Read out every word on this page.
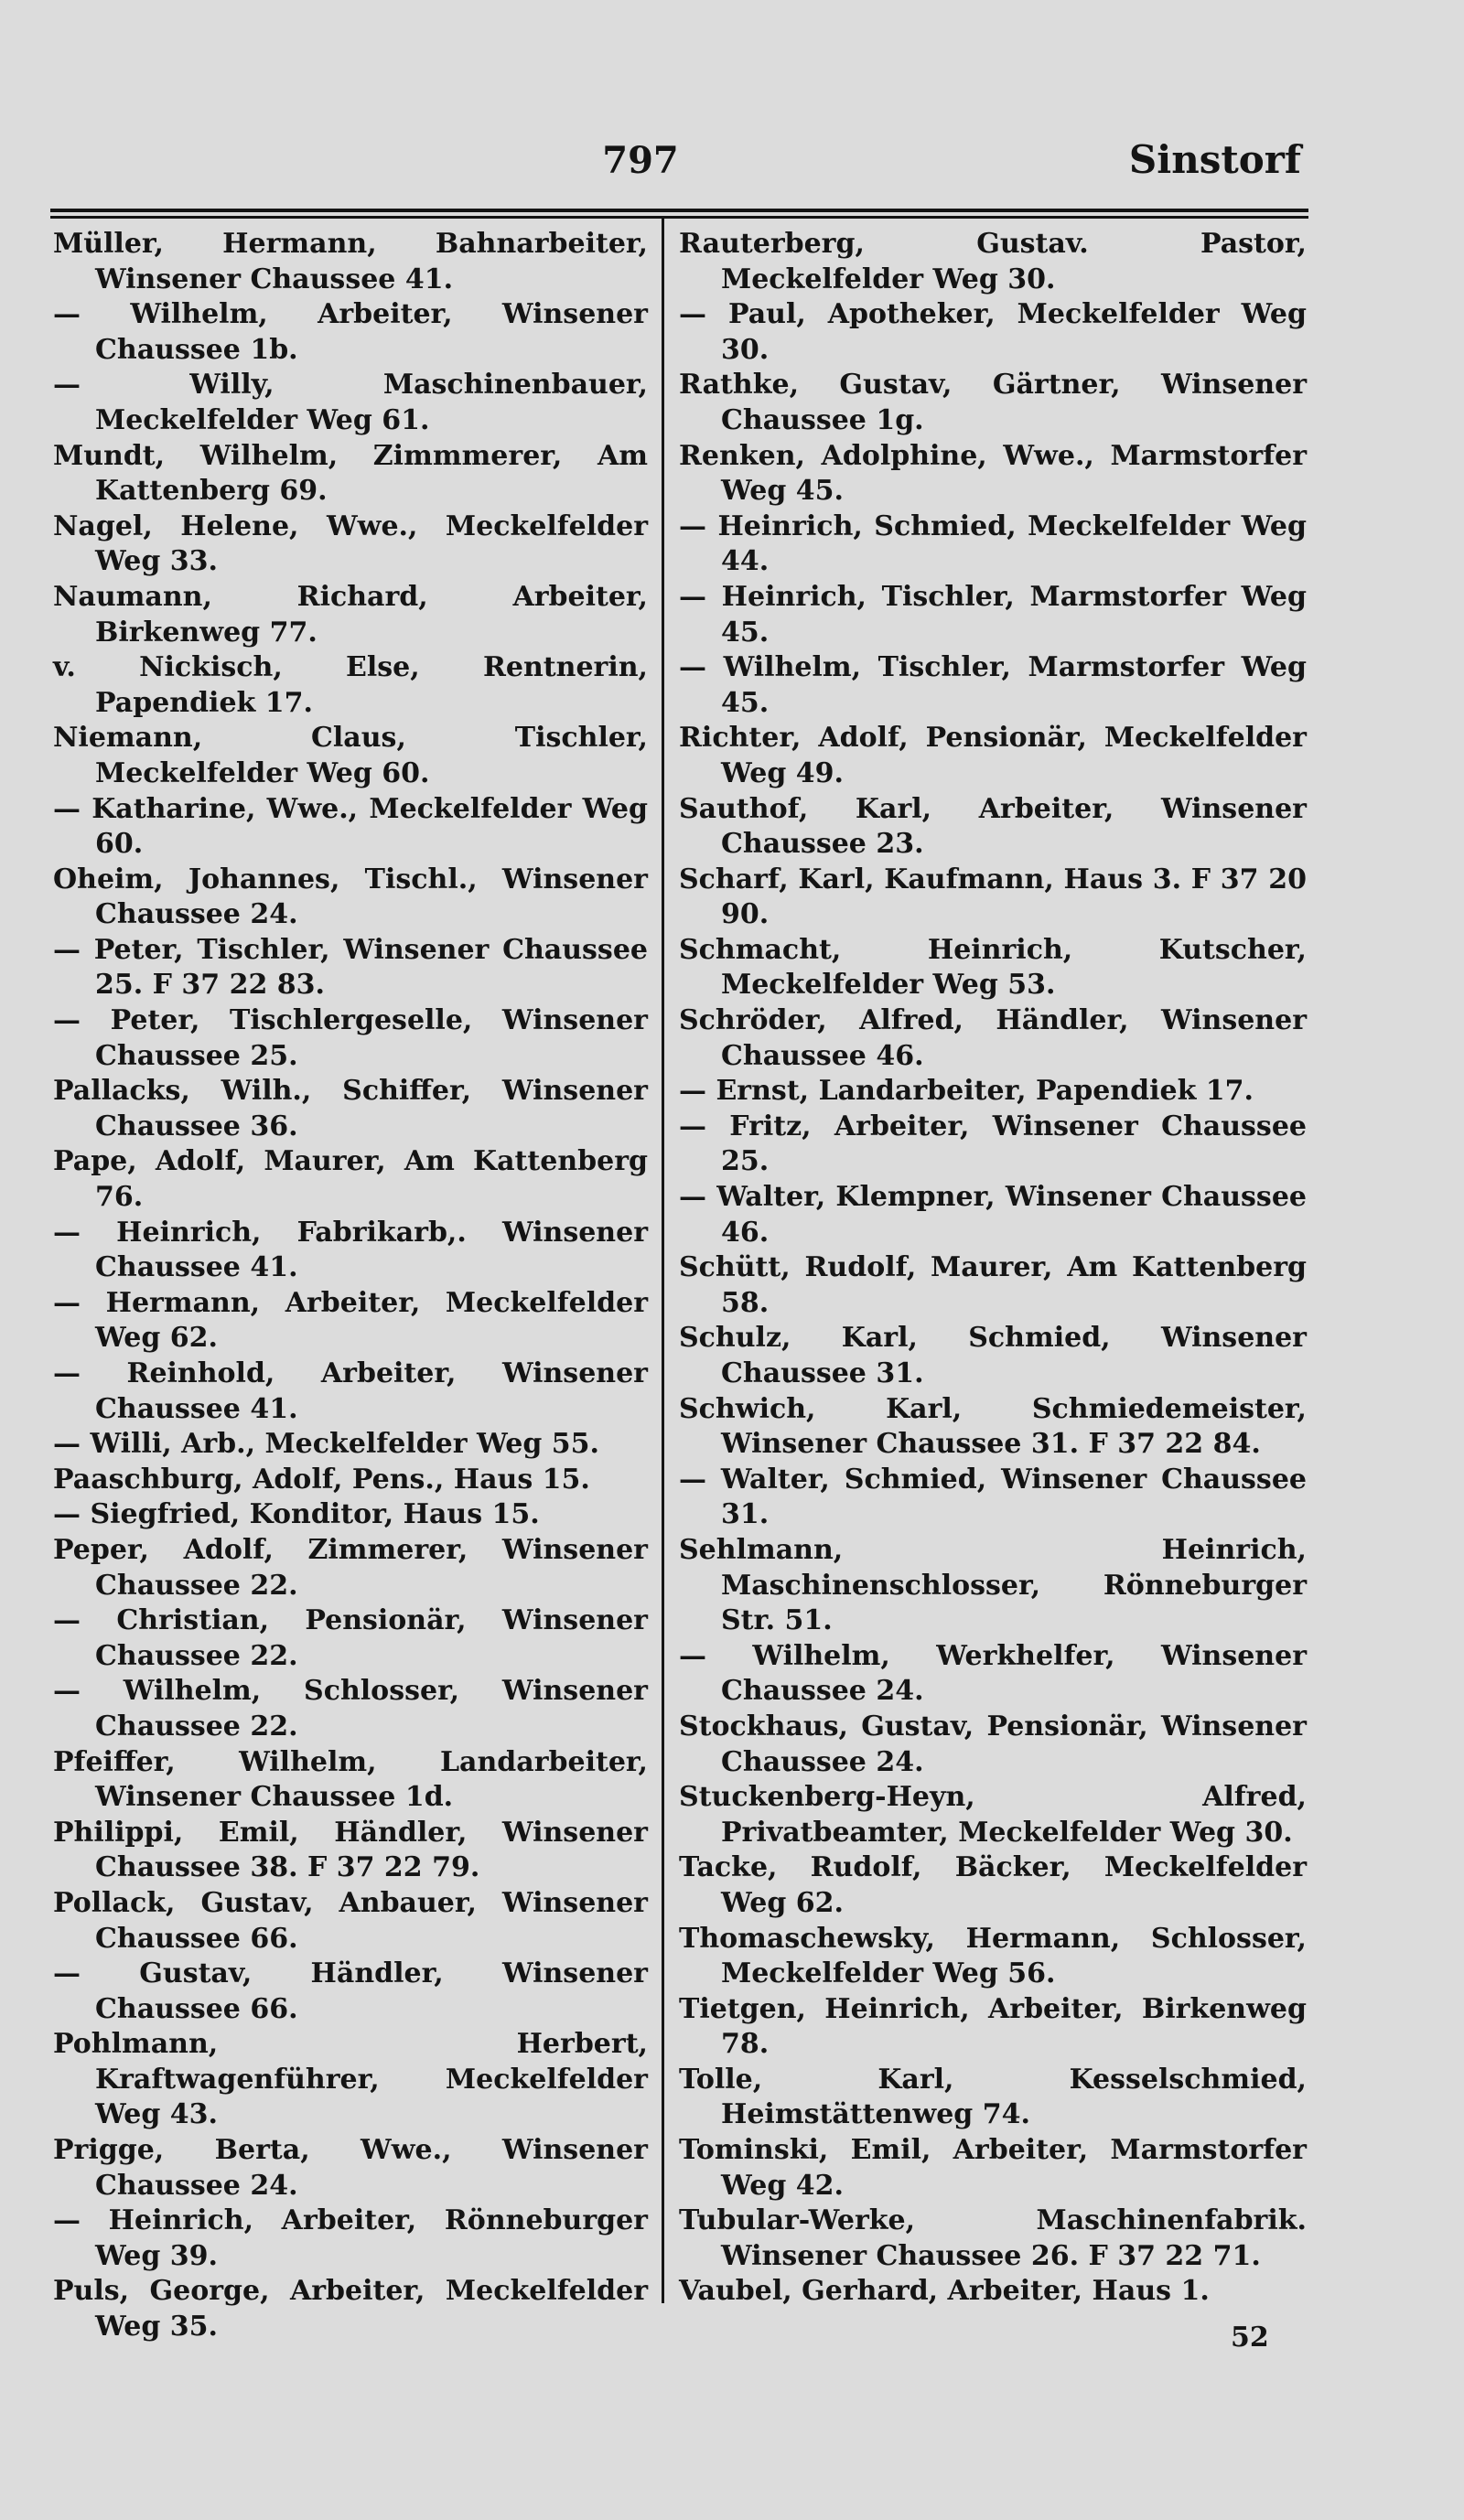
797	Sinstorf

Müller, Hermann, Bahnarbeiter, Winsener Chaussee 41.

— Wilhelm, Arbeiter, Winsener Chaussee 1b.

— Willy, Maschinenbauer, Meckelfelder Weg 61.

Mundt, Wilhelm, Zimmmerer, Am Kattenberg 69.

Nagel, Helene, Wwe., Meckelfelder Weg 33.

Naumann, Richard, Arbeiter, Birkenweg 77.

v. Nickisch, Else, Rentnerin, Papendiek 17.

Niemann, Claus, Tischler, Meckelfelder Weg 60.

— Katharine, Wwe., Meckelfelder Weg 60.

Oheim, Johannes, Tischl., Winsener Chaussee 24.

— Peter, Tischler, Winsener Chaussee 25. F 37 22 83.

— Peter, Tischlergeselle, Winsener Chaussee 25.

Pallacks, Wilh., Schiffer, Winsener Chaussee 36.

Pape, Adolf, Maurer, Am Kattenberg 76.

— Heinrich, Fabrikarb,. Winsener Chaussee 41.

— Hermann, Arbeiter, Meckelfelder Weg 62.

— Reinhold, Arbeiter, Winsener Chaussee 41.

— Willi, Arb., Meckelfelder Weg 55.

Paaschburg, Adolf, Pens., Haus 15.

— Siegfried, Konditor, Haus 15.

Peper, Adolf, Zimmerer, Winsener Chaussee 22.

— Christian, Pensionär, Winsener Chaussee 22.

— Wilhelm, Schlosser, Winsener Chaussee 22.

Pfeiffer, Wilhelm, Landarbeiter, Winsener Chaussee 1d.

Philippi, Emil, Händler, Winsener Chaussee 38. F 37 22 79.

Pollack, Gustav, Anbauer, Winsener Chaussee 66.

— Gustav, Händler, Winsener Chaussee 66.

Pohlmann, Herbert, Kraftwagenführer, Meckelfelder Weg 43.

Prigge, Berta, Wwe., Winsener Chaussee 24.

— Heinrich, Arbeiter, Rönneburger Weg 39.

Puls, George, Arbeiter, Meckelfelder Weg 35.

Rauterberg, Gustav. Pastor, Meckelfelder Weg 30.

— Paul, Apotheker, Meckelfelder Weg 30.

Rathke, Gustav, Gärtner, Winsener Chaussee 1g.

Renken, Adolphine, Wwe., Marmstorfer Weg 45.

— Heinrich, Schmied, Meckelfelder Weg 44.

— Heinrich, Tischler, Marmstorfer Weg 45.

— Wilhelm, Tischler, Marmstorfer Weg 45.

Richter, Adolf, Pensionär, Meckelfelder Weg 49.

Sauthof, Karl, Arbeiter, Winsener Chaussee 23.

Scharf, Karl, Kaufmann, Haus 3. F 37 20 90.

Schmacht, Heinrich, Kutscher, Meckelfelder Weg 53.

Schröder, Alfred, Händler, Winsener Chaussee 46.

— Ernst, Landarbeiter, Papendiek 17.

— Fritz, Arbeiter, Winsener Chaussee 25.

— Walter, Klempner, Winsener Chaussee 46.

Schütt, Rudolf, Maurer, Am Kattenberg 58.

Schulz, Karl, Schmied, Winsener Chaussee 31.

Schwich, Karl, Schmiedemeister, Winsener Chaussee 31. F 37 22 84.

— Walter, Schmied, Winsener Chaussee 31.

Sehlmann, Heinrich, Maschinenschlosser, Rönneburger Str. 51.

— Wilhelm, Werkhelfer, Winsener Chaussee 24.

Stockhaus, Gustav, Pensionär, Winsener Chaussee 24.

Stuckenberg-Heyn, Alfred, Privatbeamter, Meckelfelder Weg 30.

Tacke, Rudolf, Bäcker, Meckelfelder Weg 62.

Thomaschewsky, Hermann, Schlosser, Meckelfelder Weg 56.

Tietgen, Heinrich, Arbeiter, Birkenweg 78.

Tolle, Karl, Kesselschmied, Heimstättenweg 74.

Tominski, Emil, Arbeiter, Marmstorfer Weg 42.

Tubular-Werke, Maschinenfabrik. Winsener Chaussee 26. F 37 22 71.

Vaubel, Gerhard, Arbeiter, Haus 1.

52
